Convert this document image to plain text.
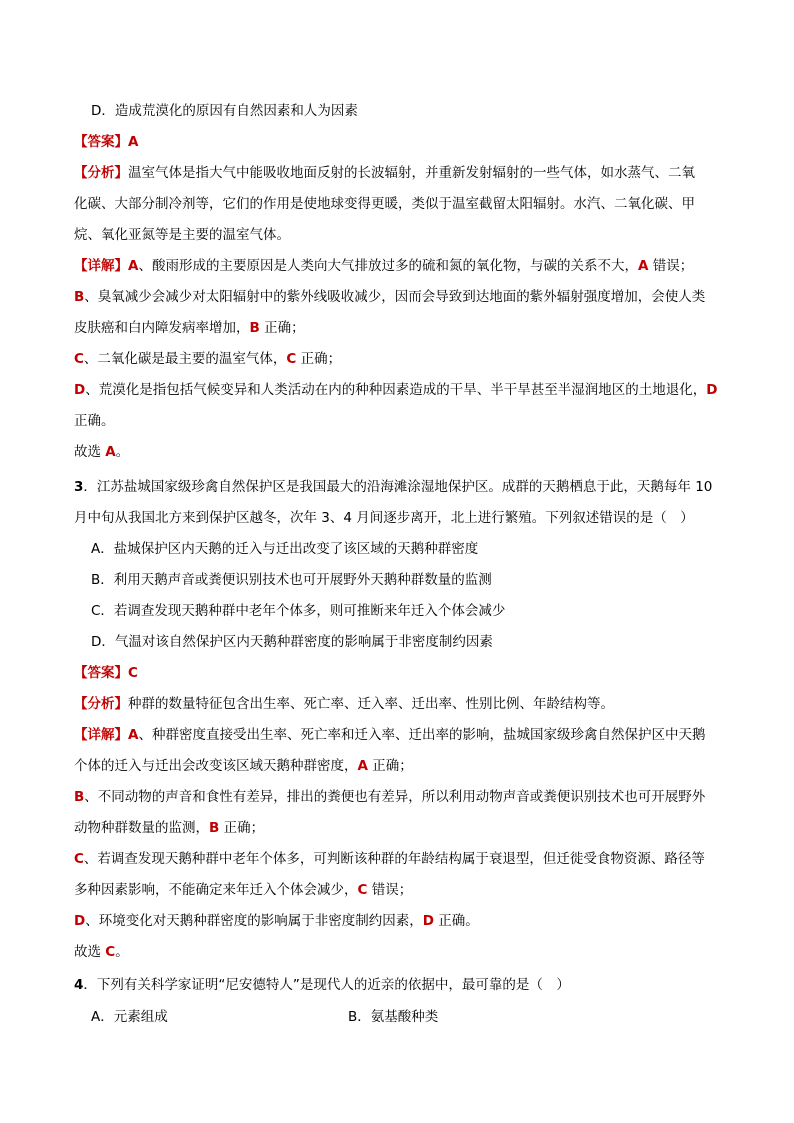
D．造成荒漠化的原因有自然因素和人为因素
【答案】A
【分析】温室气体是指大气中能吸收地面反射的长波辐射，并重新发射辐射的一些气体，如水蒸气、二氧
化碳、大部分制冷剂等，它们的作用是使地球变得更暖，类似于温室截留太阳辐射。水汽、二氧化碳、甲
烷、氧化亚氮等是主要的温室气体。
【详解】A、酸雨形成的主要原因是人类向大气排放过多的硫和氮的氧化物，与碳的关系不大，A 错误；
B、臭氧减少会减少对太阳辐射中的紫外线吸收减少，因而会导致到达地面的紫外辐射强度增加，会使人类
皮肤癌和白内障发病率增加，B 正确；
C、二氧化碳是最主要的温室气体，C 正确；
D、荒漠化是指包括气候变异和人类活动在内的种种因素造成的干旱、半干旱甚至半湿润地区的土地退化，D
正确。
故选 A。
3．江苏盐城国家级珍禽自然保护区是我国最大的沿海滩涂湿地保护区。成群的天鹅栖息于此，天鹅每年 10
月中旬从我国北方来到保护区越冬，次年 3、4 月间逐步离开，北上进行繁殖。下列叙述错误的是（　）
A．盐城保护区内天鹅的迁入与迁出改变了该区域的天鹅种群密度
B．利用天鹅声音或粪便识别技术也可开展野外天鹅种群数量的监测
C．若调查发现天鹅种群中老年个体多，则可推断来年迁入个体会减少
D．气温对该自然保护区内天鹅种群密度的影响属于非密度制约因素
【答案】C
【分析】种群的数量特征包含出生率、死亡率、迁入率、迁出率、性别比例、年龄结构等。
【详解】A、种群密度直接受出生率、死亡率和迁入率、迁出率的影响，盐城国家级珍禽自然保护区中天鹅
个体的迁入与迁出会改变该区域天鹅种群密度，A 正确；
B、不同动物的声音和食性有差异，排出的粪便也有差异，所以利用动物声音或粪便识别技术也可开展野外
动物种群数量的监测，B 正确；
C、若调查发现天鹅种群中老年个体多，可判断该种群的年龄结构属于衰退型，但迁徙受食物资源、路径等
多种因素影响，不能确定来年迁入个体会减少，C 错误；
D、环境变化对天鹅种群密度的影响属于非密度制约因素，D 正确。
故选 C。
4．下列有关科学家证明“尼安德特人”是现代人的近亲的依据中，最可靠的是（　）
A．元素组成	B．氨基酸种类
